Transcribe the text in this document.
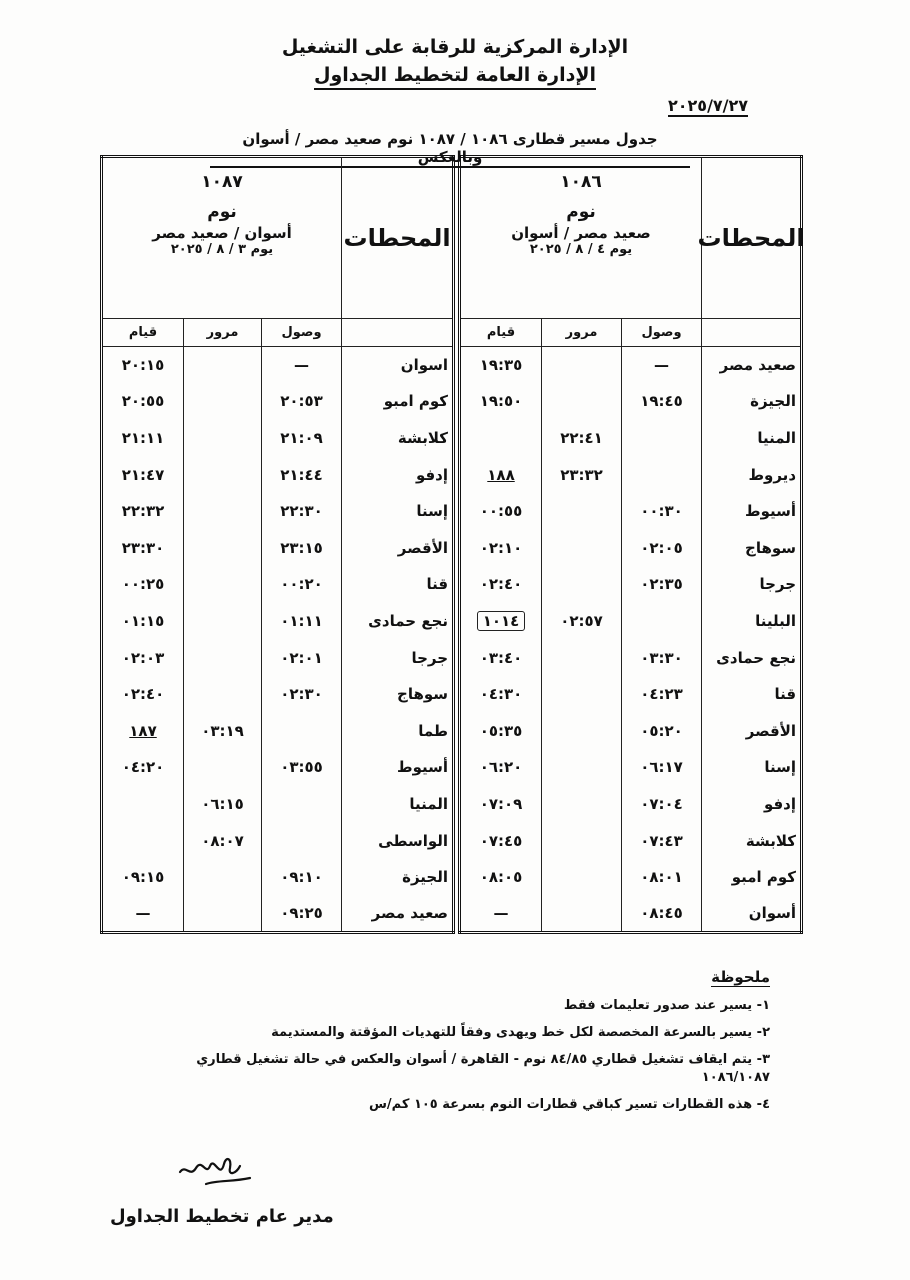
الإدارة المركزية للرقابة على التشغيل
الإدارة العامة لتخطيط الجداول
٢٠٢٥/٧/٢٧
جدول مسير قطارى ١٠٨٦ / ١٠٨٧ نوم صعيد مصر / أسوان وبالعكس
المحطات	١٠٨٦
نوم
صعيد مصر / أسوان
يوم ٤ / ٨ / ٢٠٢٥		

	وصول	مرور	قيام
صعيد مصر	—		١٩:٣٥
الجيزة	١٩:٤٥		١٩:٥٠
المنيا		٢٢:٤١	
ديروط		٢٣:٣٢	١٨٨
أسيوط	٠٠:٣٠		٠٠:٥٥
سوهاج	٠٢:٠٥		٠٢:١٠
جرجا	٠٢:٣٥		٠٢:٤٠
البلينا		٠٢:٥٧	١٠١٤
نجع حمادى	٠٣:٣٠		٠٣:٤٠
قنا	٠٤:٢٣		٠٤:٣٠
الأقصر	٠٥:٢٠		٠٥:٣٥
إسنا	٠٦:١٧		٠٦:٢٠
إدفو	٠٧:٠٤		٠٧:٠٩
كلابشة	٠٧:٤٣		٠٧:٤٥
كوم امبو	٠٨:٠١		٠٨:٠٥
أسوان	٠٨:٤٥		—
المحطات	١٠٨٧
نوم
أسوان / صعيد مصر
يوم ٣ / ٨ / ٢٠٢٥		

	وصول	مرور	قيام
اسوان	—		٢٠:١٥
كوم امبو	٢٠:٥٣		٢٠:٥٥
كلابشة	٢١:٠٩		٢١:١١
إدفو	٢١:٤٤		٢١:٤٧
إسنا	٢٢:٣٠		٢٢:٣٢
الأقصر	٢٣:١٥		٢٣:٣٠
قنا	٠٠:٢٠		٠٠:٢٥
نجع حمادى	٠١:١١		٠١:١٥
جرجا	٠٢:٠١		٠٢:٠٣
سوهاج	٠٢:٣٠		٠٢:٤٠
طما		٠٣:١٩	١٨٧
أسيوط	٠٣:٥٥		٠٤:٢٠
المنيا		٠٦:١٥	
الواسطى		٠٨:٠٧	
الجيزة	٠٩:١٠		٠٩:١٥
صعيد مصر	٠٩:٢٥		—
ملحوظة
١- يسير عند صدور تعليمات فقط
٢- يسير بالسرعة المخصصة لكل خط ويهدى وفقاً للتهديات المؤقتة والمستديمة
٣- يتم ايقاف تشغيل قطاري ٨٤/٨٥ نوم - القاهرة / أسوان والعكس في حالة تشغيل قطاري ١٠٨٦/١٠٨٧
٤- هذه القطارات تسير كباقي قطارات النوم بسرعة ١٠٥ كم/س
مدير عام تخطيط الجداول
